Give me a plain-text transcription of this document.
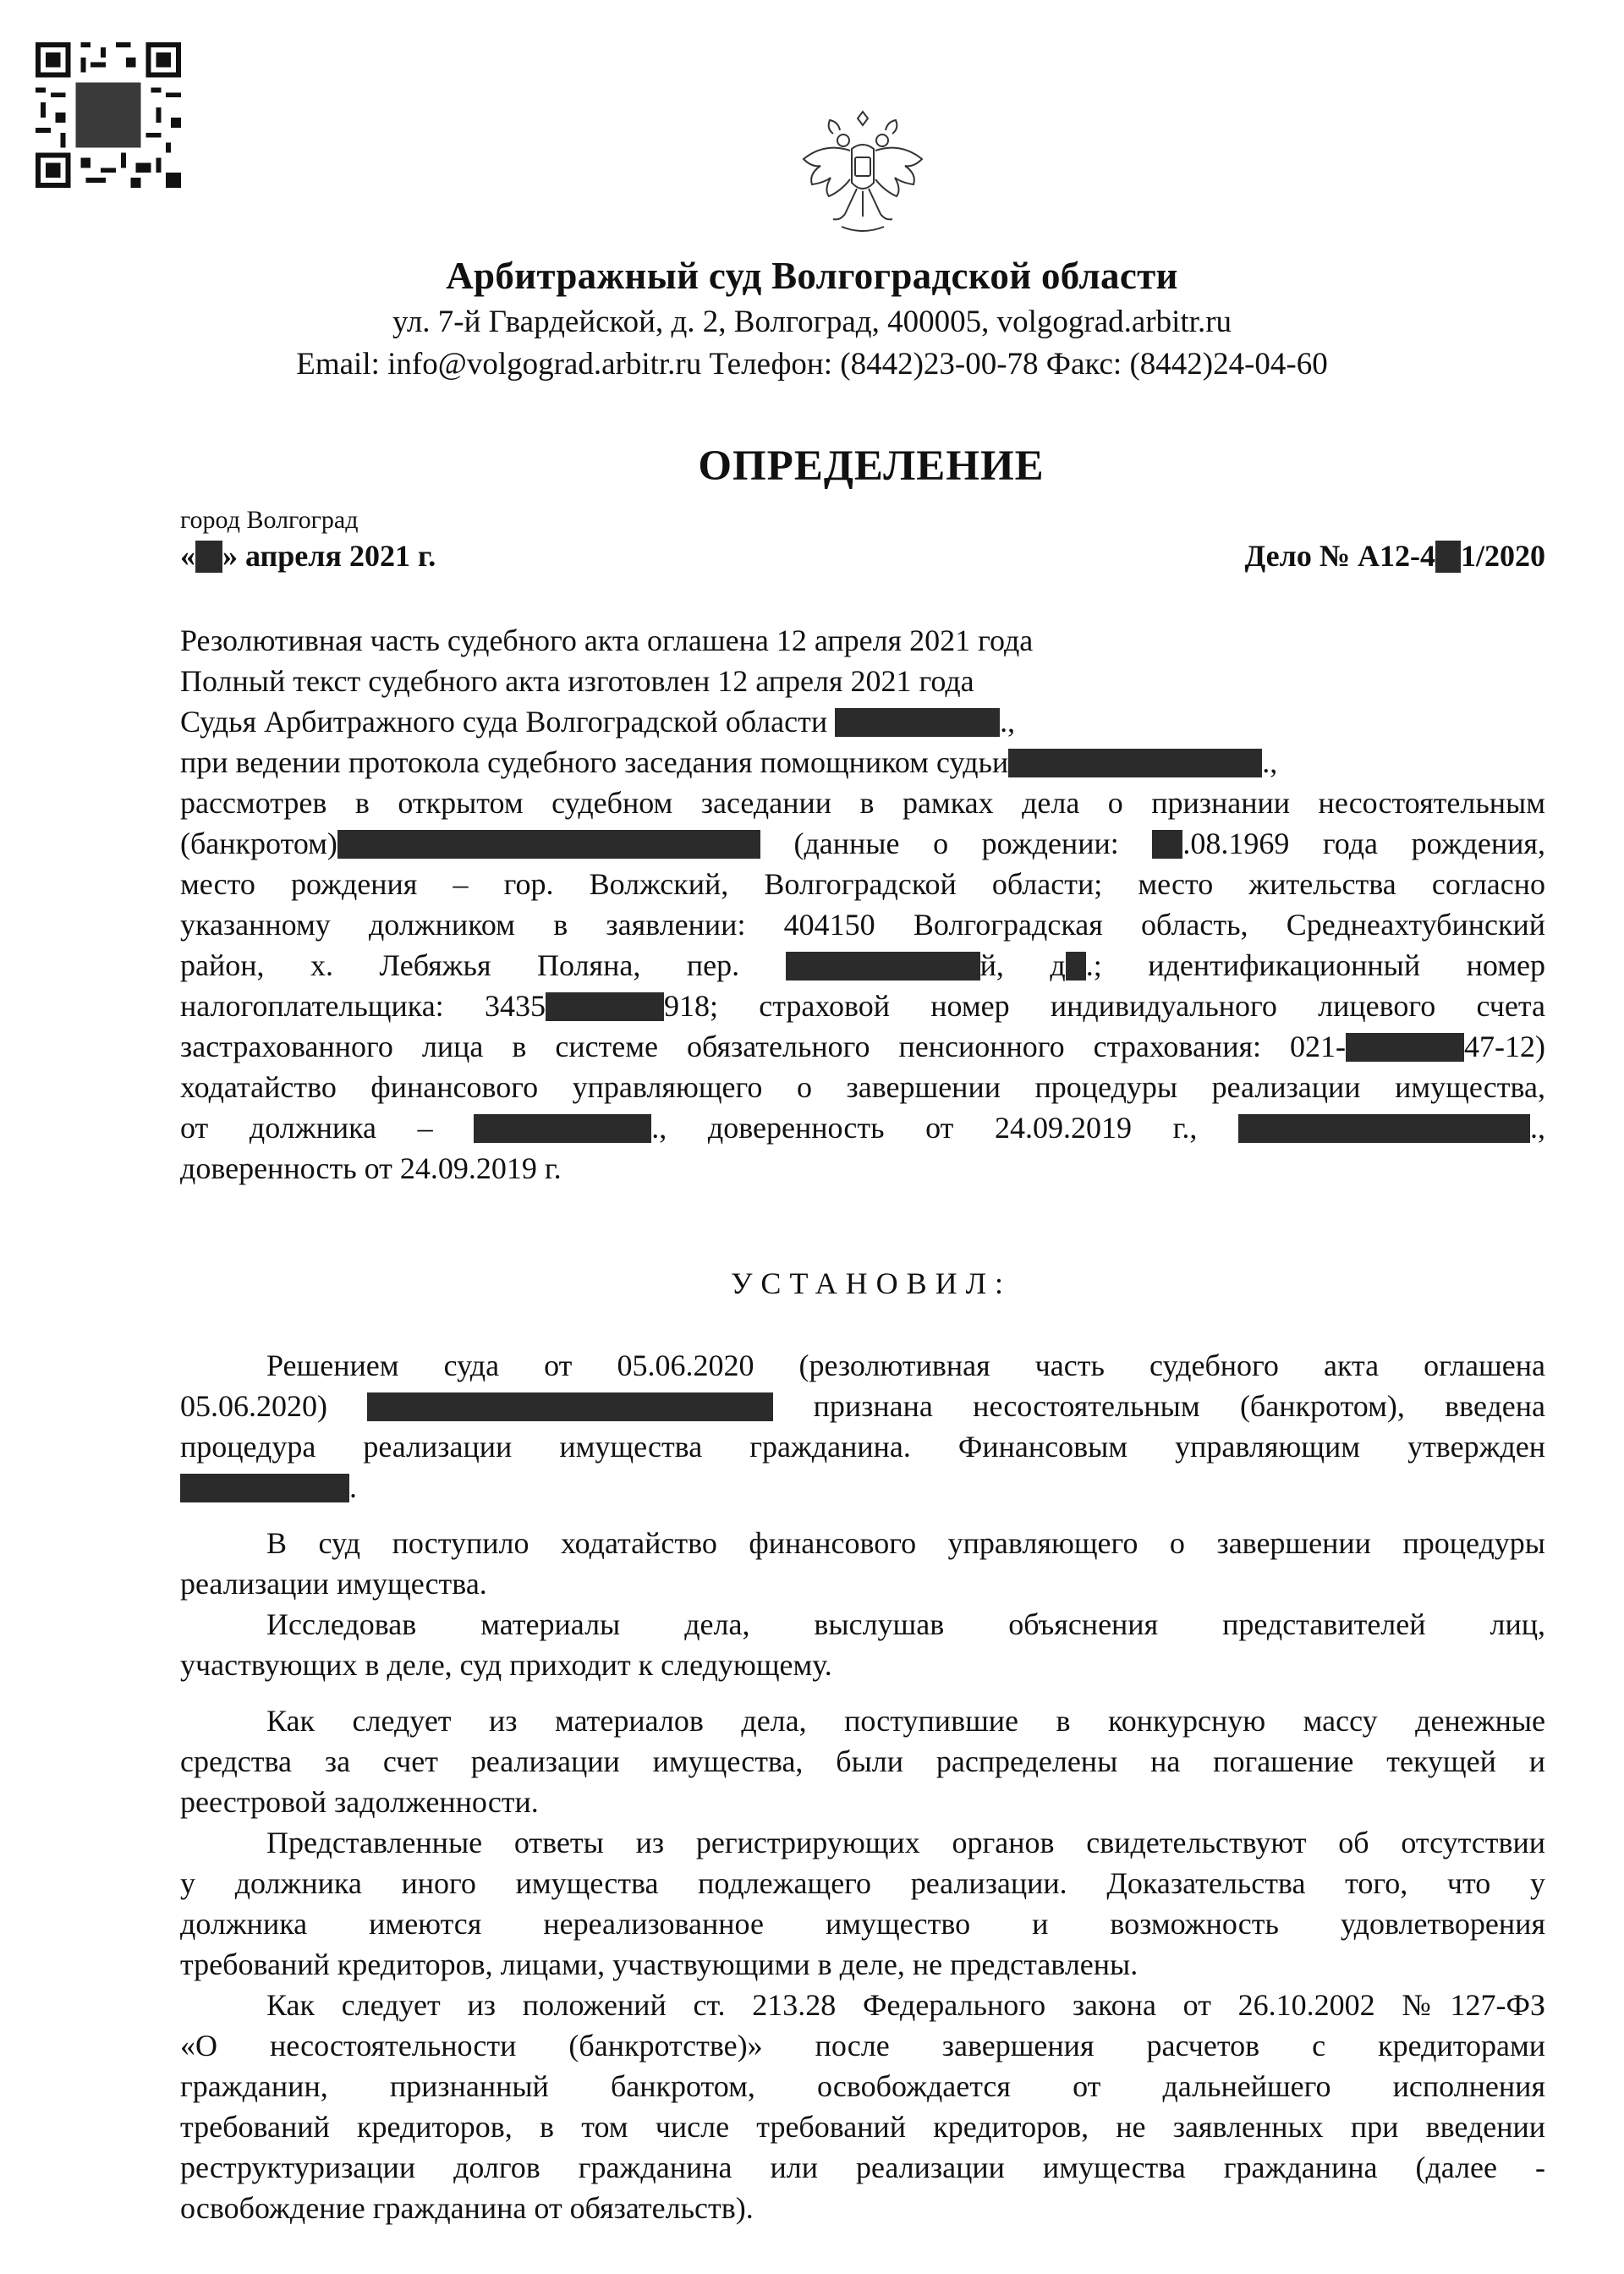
Арбитражный суд Волгоградской области
ул. 7-й Гвардейской, д. 2, Волгоград, 400005, volgograd.arbitr.ru
Email: info@volgograd.arbitr.ru Телефон: (8442)23-00-78 Факс: (8442)24-04-60
ОПРЕДЕЛЕНИЕ
город Волгоград
« » апреля 2021 г.	Дело № А12-4 1/2020
Резолютивная часть судебного акта оглашена 12 апреля 2021 года
Полный текст судебного акта изготовлен 12 апреля 2021 года
Судья Арбитражного суда Волгоградской области	.,
при ведении протокола судебного заседания помощником судьи	.,
рассмотрев в открытом судебном заседании в рамках дела о признании несостоятельным
(банкротом)	(данные о рождении: .08.1969 года рождения,
место рождения – гор. Волжский, Волгоградской области; место жительства согласно
указанному должником в заявлении: 404150 Волгоградская область, Среднеахтубинский
район, х. Лебяжья Поляна, пер.	й, д .; идентификационный номер
налогоплательщика: 3435	918; страховой номер индивидуального лицевого счета
застрахованного лица в системе обязательного пенсионного страхования: 021-	47-12)
ходатайство финансового управляющего о завершении процедуры реализации имущества,
от должника –	., доверенность от 24.09.2019 г.,	.,
доверенность от 24.09.2019 г.
УСТАНОВИЛ:
Решением суда от 05.06.2020 (резолютивная часть судебного акта оглашена
05.06.2020)	признана несостоятельным (банкротом), введена
процедура реализации имущества гражданина. Финансовым управляющим утвержден
.
В суд поступило ходатайство финансового управляющего о завершении процедуры
реализации имущества.
Исследовав материалы дела, выслушав объяснения представителей лиц,
участвующих в деле, суд приходит к следующему.
Как следует из материалов дела, поступившие в конкурсную массу денежные
средства за счет реализации имущества, были распределены на погашение текущей и
реестровой задолженности.
Представленные ответы из регистрирующих органов свидетельствуют об отсутствии
у должника иного имущества подлежащего реализации. Доказательства того, что у
должника имеются нереализованное имущество и возможность удовлетворения
требований кредиторов, лицами, участвующими в деле, не представлены.
Как следует из положений ст. 213.28 Федерального закона от 26.10.2002 №127-ФЗ
«О несостоятельности (банкротстве)» после завершения расчетов с кредиторами
гражданин, признанный банкротом, освобождается от дальнейшего исполнения
требований кредиторов, в том числе требований кредиторов, не заявленных при введении
реструктуризации долгов гражданина или реализации имущества гражданина (далее -
освобождение гражданина от обязательств).
